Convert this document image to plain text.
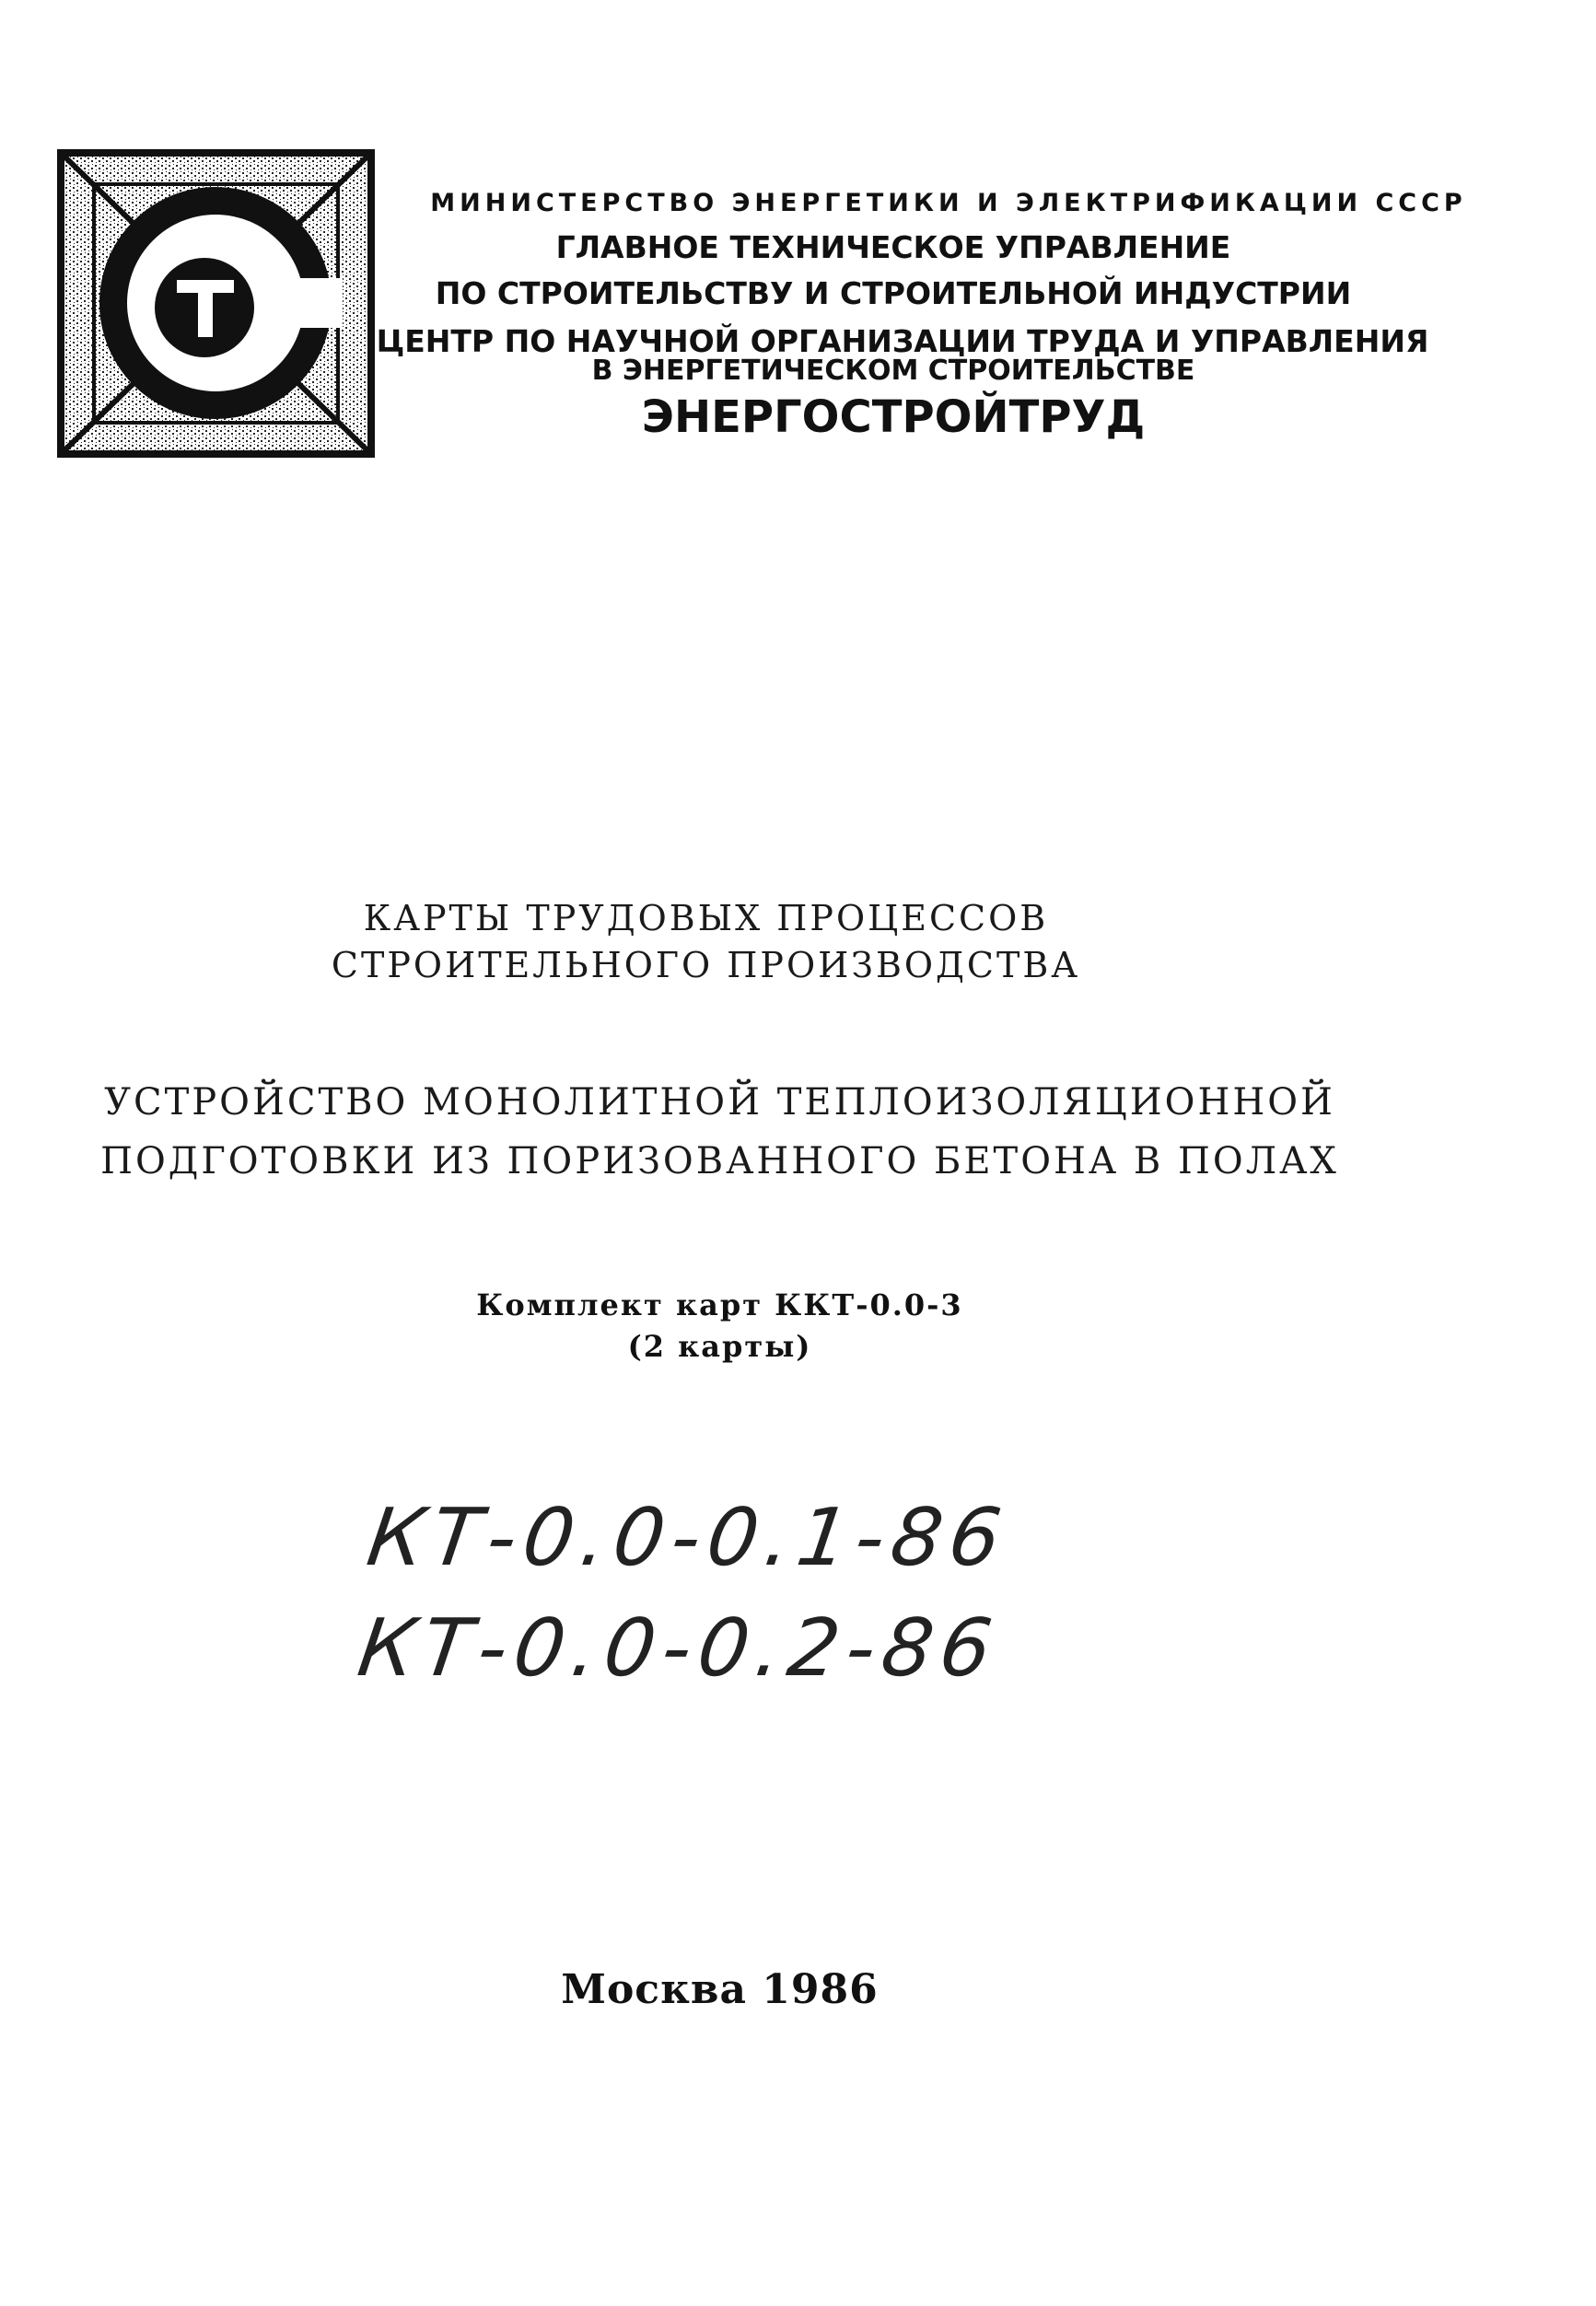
МИНИСТЕРСТВО ЭНЕРГЕТИКИ И ЭЛЕКТРИФИКАЦИИ СССР
ГЛАВНОЕ ТЕХНИЧЕСКОЕ УПРАВЛЕНИЕ
ПО СТРОИТЕЛЬСТВУ И СТРОИТЕЛЬНОЙ ИНДУСТРИИ
ЦЕНТР ПО НАУЧНОЙ ОРГАНИЗАЦИИ ТРУДА И УПРАВЛЕНИЯ
В ЭНЕРГЕТИЧЕСКОМ СТРОИТЕЛЬСТВЕ
ЭНЕРГОСТРОЙТРУД
КАРТЫ ТРУДОВЫХ ПРОЦЕССОВ
СТРОИТЕЛЬНОГО ПРОИЗВОДСТВА
УСТРОЙСТВО МОНОЛИТНОЙ ТЕПЛОИЗОЛЯЦИОННОЙ
ПОДГОТОВКИ ИЗ ПОРИЗОВАННОГО БЕТОНА В ПОЛАХ
Комплект карт ККТ-0.0-3
(2 карты)
КТ-0.0-0.1-86
КТ-0.0-0.2-86
Москва 1986
